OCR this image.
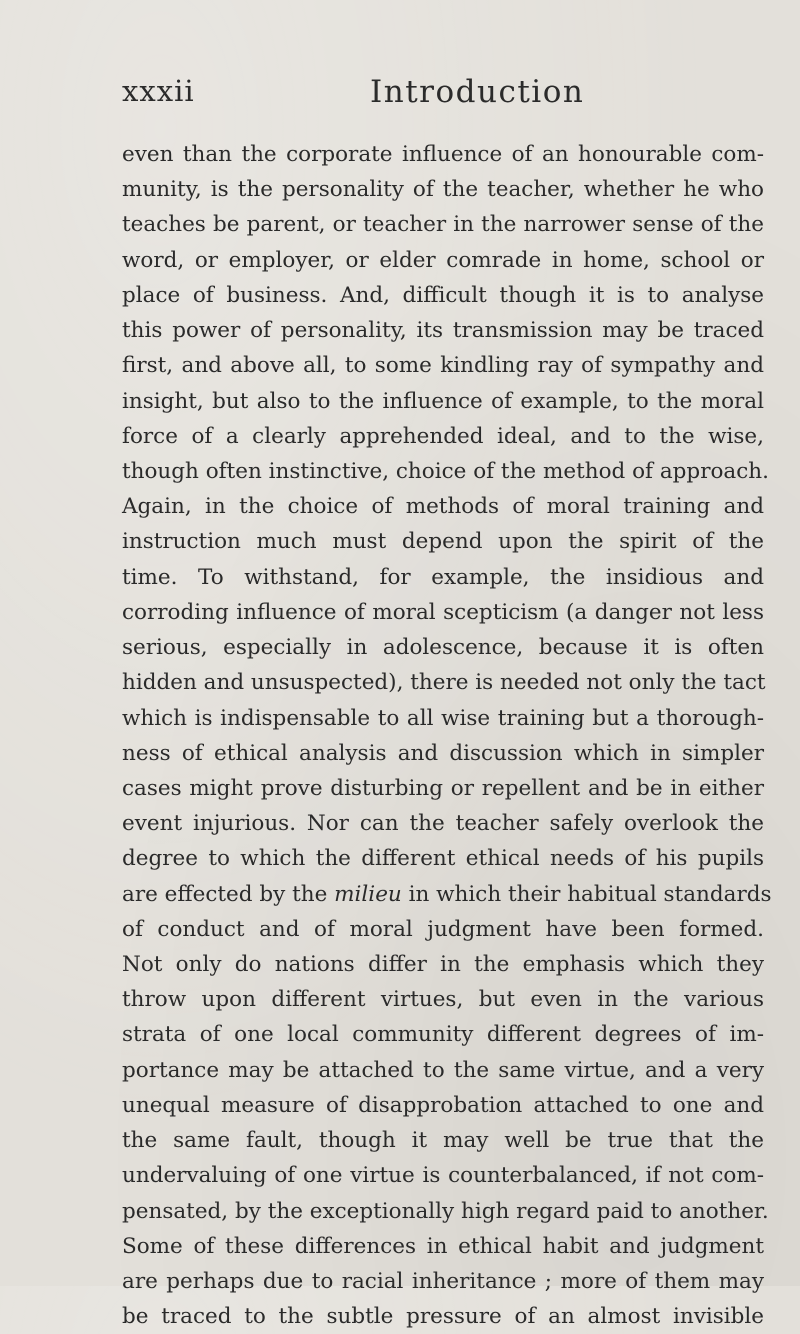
xxxii	Introduction
even than the corporate influence of an honourable com-
munity, is the personality of the teacher, whether he who
teaches be parent, or teacher in the narrower sense of the
word, or employer, or elder comrade in home, school or
place of business. And, difficult though it is to analyse
this power of personality, its transmission may be traced
first, and above all, to some kindling ray of sympathy and
insight, but also to the influence of example, to the moral
force of a clearly apprehended ideal, and to the wise,
though often instinctive, choice of the method of approach.
Again, in the choice of methods of moral training and
instruction much must depend upon the spirit of the
time. To withstand, for example, the insidious and
corroding influence of moral scepticism (a danger not less
serious, especially in adolescence, because it is often
hidden and unsuspected), there is needed not only the tact
which is indispensable to all wise training but a thorough-
ness of ethical analysis and discussion which in simpler
cases might prove disturbing or repellent and be in either
event injurious. Nor can the teacher safely overlook the
degree to which the different ethical needs of his pupils
are effected by the milieu in which their habitual standards
of conduct and of moral judgment have been formed.
Not only do nations differ in the emphasis which they
throw upon different virtues, but even in the various
strata of one local community different degrees of im-
portance may be attached to the same virtue, and a very
unequal measure of disapprobation attached to one and
the same fault, though it may well be true that the
undervaluing of one virtue is counterbalanced, if not com-
pensated, by the exceptionally high regard paid to another.
Some of these differences in ethical habit and judgment
are perhaps due to racial inheritance ; more of them may
be traced to the subtle pressure of an almost invisible
